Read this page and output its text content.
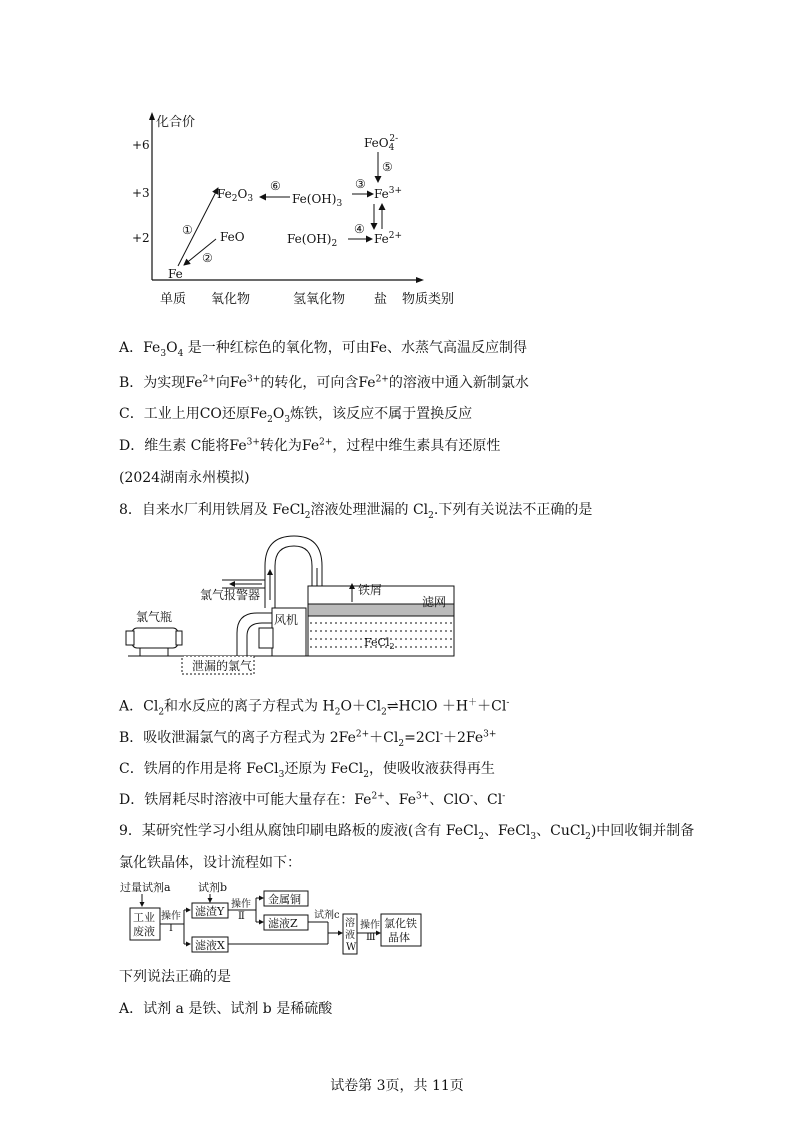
化合价
+6
+3
+2
单质 氧化物	氢氧化物 盐 物质类别
Fe
FeO
$Fe_2O_3$	$Fe(OH)_3$
$Fe^{3+}$
$Fe(OH)_2$	$Fe^{2+}$
FeO$_4$2-
①
②
③
④
⑤
⑥
A．$Fe_3O_4$ 是一种红棕色的氧化物，可由Fe、水蒸气高温反应制得
B．为实现$Fe^{2+}$向$Fe^{3+}$的转化，可向含$Fe^{2+}$的溶液中通入新制氯水
C．工业上用CO还原$Fe_2O_3$炼铁，该反应不属于置换反应
D．维生素 C能将$Fe^{3+}$转化为$Fe^{2+}$，过程中维生素具有还原性
(2024湖南永州模拟)
8．自来水厂利用铁屑及 FeCl$_2$溶液处理泄漏的 $Cl_2$.下列有关说法不正确的是
氯气瓶
泄漏的氯气
风机
氯气报警器
FeCl$_2$
铁屑
滤网
A．$Cl_2$和水反应的离子方程式为 $H_2O+Cl_2\rightleftharpoons HClO +H^++Cl^-$
B．吸收泄漏氯气的离子方程式为 $2Fe^{2+}+Cl_2=2Cl^-+2Fe^{3+}$
C．铁屑的作用是将 FeCl$_3$还原为 FeCl$_2$，使吸收液获得再生
D．铁屑耗尽时溶液中可能大量存在：$Fe^{2+}$、$Fe^{3+}$、ClO-、Cl-
9．某研究性学习小组从腐蚀印刷电路板的废液(含有 FeCl$_2$、FeCl$_3$、CuCl$_2$)中回收铜并制备
氯化铁晶体，设计流程如下：
过量试剂a
工业
废液
操作
Ⅰ
试剂b
滤渣Y
滤液X
操作
Ⅱ
金属铜
滤液Z
试剂c
溶
液
W
操作
Ⅲ
氯化铁
晶体
下列说法正确的是
A．试剂 a 是铁、试剂 b 是稀硫酸
试卷第 3页，共 11页
